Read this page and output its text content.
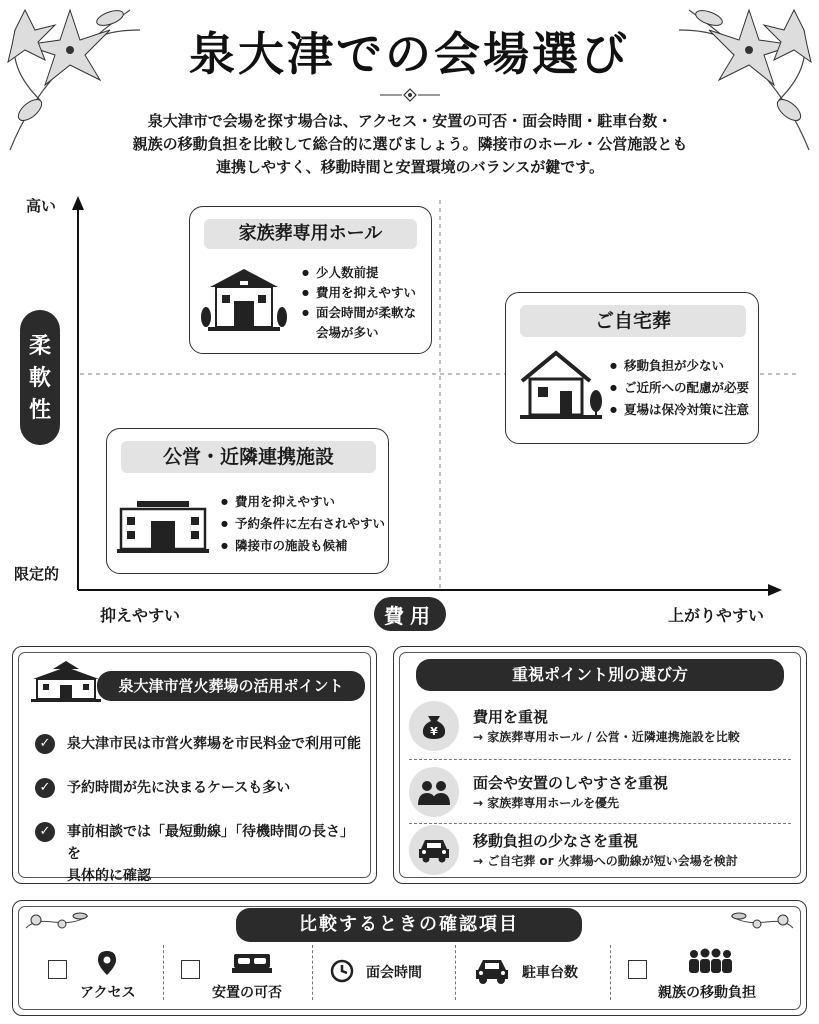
泉大津での会場選び
泉大津市で会場を探す場合は、アクセス・安置の可否・面会時間・駐車台数・
親族の移動負担を比較して総合的に選びましょう。隣接市のホール・公営施設とも
連携しやすく、移動時間と安置環境のバランスが鍵です。
高い
限定的
柔
軟
性
抑えやすい	費用	上がりやすい
家族葬専用ホール
● 少人数前提
● 費用を抑えやすい
● 面会時間が柔軟な
会場が多い
ご自宅葬
● 移動負担が少ない
● ご近所への配慮が必要
● 夏場は保冷対策に注意
公営・近隣連携施設
● 費用を抑えやすい
● 予約条件に左右されやすい
● 隣接市の施設も候補
泉大津市営火葬場の活用ポイント
✓	泉大津市民は市営火葬場を市民料金で利用可能
✓	予約時間が先に決まるケースも多い
✓	事前相談では「最短動線」「待機時間の長さ」を
具体的に確認
重視ポイント別の選び方
¥
費用を重視
→ 家族葬専用ホール / 公営・近隣連携施設を比較
面会や安置のしやすさを重視
→ 家族葬専用ホールを優先
移動負担の少なさを重視
→ ご自宅葬 or 火葬場への動線が短い会場を検討
比較するときの確認項目
アクセス	安置の可否
面会時間	駐車台数
親族の移動負担
